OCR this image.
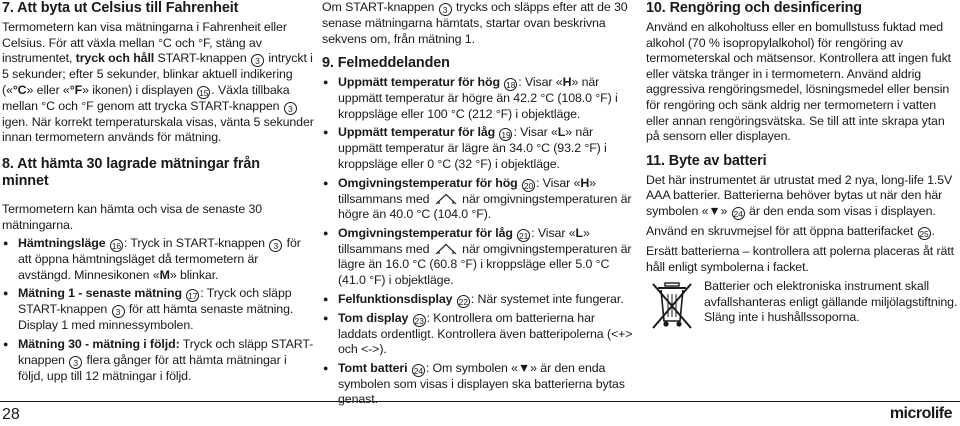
7. Att byta ut Celsius till Fahrenheit

Termometern kan visa mätningarna i Fahrenheit eller Celsius. För att växla mellan °C och °F, stäng av instrumentet, tryck och håll START-knappen 3 intryckt i 5 sekunder; efter 5 sekunder, blinkar aktuell indikering («°C» eller «°F» ikonen) i displayen 15 . Växla tillbaka mellan °C och °F genom att trycka START-knappen 3 igen. När korrekt temperaturskala visas, vänta 5 sekunder innan termometern används för mätning.

8. Att hämta 30 lagrade mätningar från minnet

Termometern kan hämta och visa de senaste 30 mätningarna.

● Hämtningsläge 16 : Tryck in START-knappen 3 för att öppna hämtningsläget då termometern är avstängd. Minnesikonen «M» blinkar.
● Mätning 1 - senaste mätning 17 : Tryck och släpp START-knappen 3 för att hämta senaste mätning. Display 1 med minnessymbolen.
● Mätning 30 - mätning i följd: Tryck och släpp START-knappen 3 flera gånger för att hämta mätningar i följd, upp till 12 mätningar i följd.

Om START-knappen 3 trycks och släpps efter att de 30 senase mätningarna hämtats, startar ovan beskrivna sekvens om, från mätning 1.

9. Felmeddelanden
● Uppmätt temperatur för hög 18 : Visar «H» när uppmätt temperatur är högre än 42.2 °C (108.0 °F) i kroppsläge eller 100 °C (212 °F) i objektläge.
● Uppmätt temperatur för låg 19 : Visar «L» när uppmätt temperatur är lägre än 34.0 °C (93.2 °F) i kroppsläge eller 0 °C (32 °F) i objektläge.
● Omgivningstemperatur för hög 20 : Visar «H» tillsammans med	när omgivningstemperaturen är högre än 40.0 °C (104.0 °F).
● Omgivningstemperatur för låg 21 : Visar «L» tillsammans med	när omgivningstemperaturen är lägre än 16.0 °C (60.8 °F) i kroppsläge eller 5.0 °C (41.0 °F) i objektläge.
● Felfunktionsdisplay 22 : När systemet inte fungerar.
● Tom display 23 : Kontrollera om batterierna har laddats ordentligt. Kontrollera även batteripolerna (<+> och <->).
● Tomt batteri 24 : Om symbolen «▼» är den enda symbolen som visas i displayen ska batterierna bytas genast.
10. Rengöring och desinficering

Använd en alkoholtuss eller en bomullstuss fuktad med alkohol (70 % isopropylalkohol) för rengöring av termometerskal och mätsensor. Kontrollera att ingen fukt eller vätska tränger in i termometern. Använd aldrig aggressiva rengöringsmedel, lösningsmedel eller bensin för rengöring och sänk aldrig ner termometern i vatten eller annan rengöringsvätska. Se till att inte skrapa ytan på sensorn eller displayen.

11. Byte av batteri

Det här instrumentet är utrustat med 2 nya, long-life 1.5V AAA batterier. Batterierna behöver bytas ut när den här symbolen «▼» 24 är den enda som visas i displayen.

Använd en skruvmejsel för att öppna batterifacket 25 .

Ersätt batterierna – kontrollera att polerna placeras åt rätt håll enligt symbolerna i facket.

Batterier och elektroniska instrument skall avfallshanteras enligt gällande miljölagstiftning. Släng inte i hushållssoporna.

28	microlife
